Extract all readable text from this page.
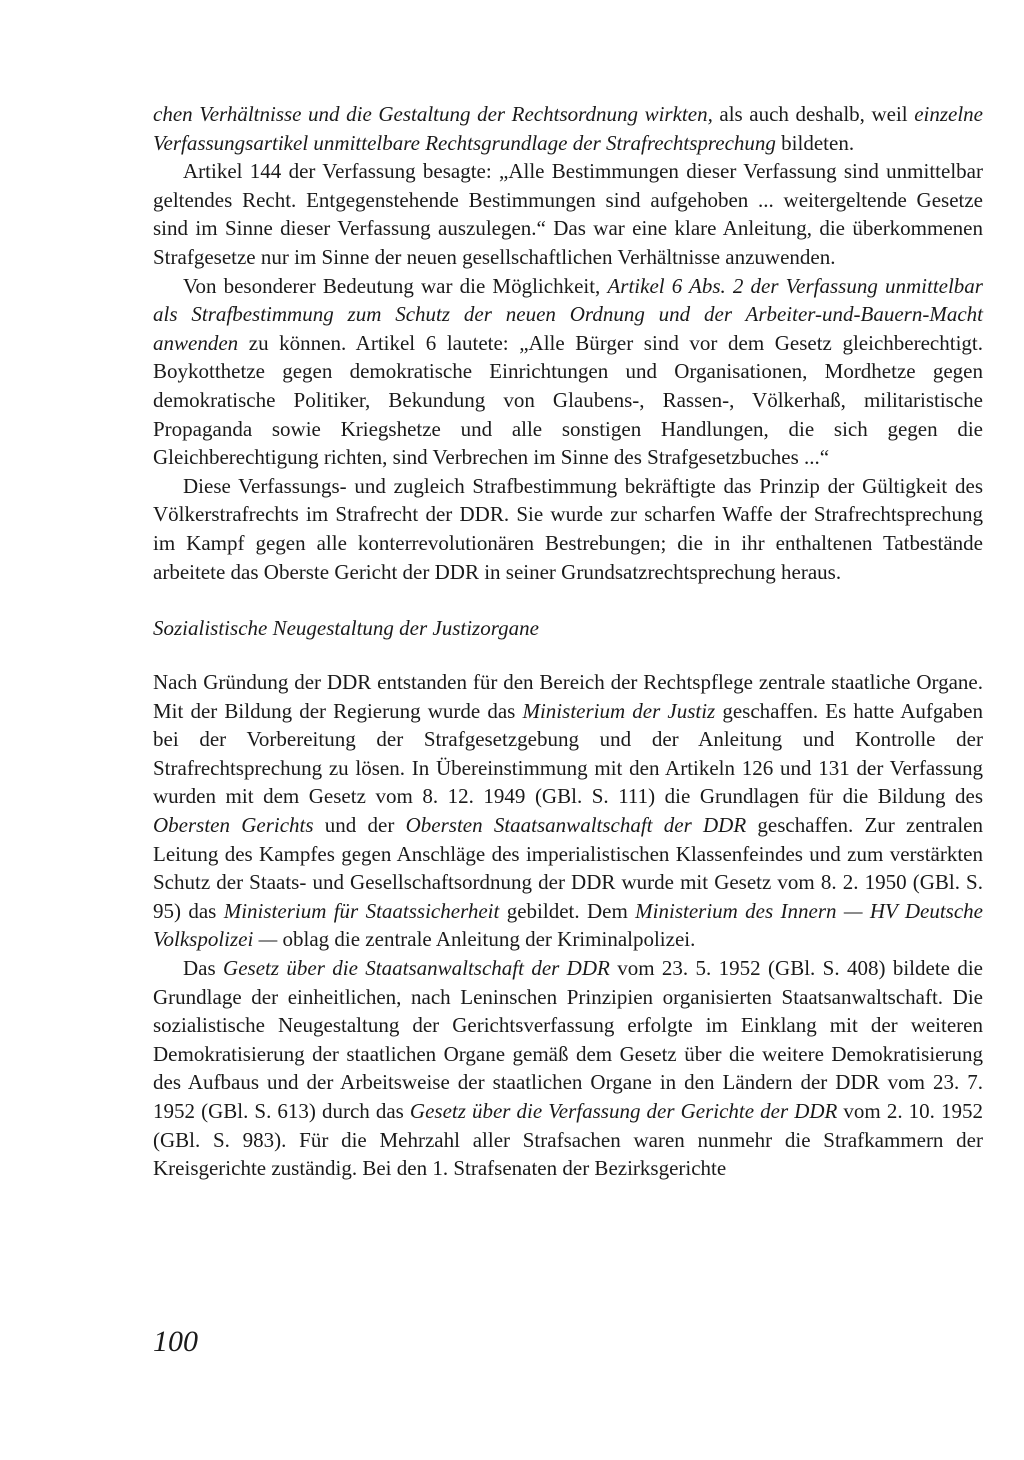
chen Verhältnisse und die Gestaltung der Rechtsordnung wirkten, als auch deshalb, weil einzelne Verfassungsartikel unmittelbare Rechtsgrundlage der Strafrechtsprechung bildeten.

Artikel 144 der Verfassung besagte: „Alle Bestimmungen dieser Verfassung sind unmittelbar geltendes Recht. Entgegenstehende Bestimmungen sind aufgehoben ... weitergeltende Gesetze sind im Sinne dieser Verfassung auszulegen.“ Das war eine klare Anleitung, die überkommenen Strafgesetze nur im Sinne der neuen gesellschaftlichen Verhältnisse anzuwenden.

Von besonderer Bedeutung war die Möglichkeit, Artikel 6 Abs. 2 der Verfassung unmittelbar als Strafbestimmung zum Schutz der neuen Ordnung und der Arbeiter-und-Bauern-Macht anwenden zu können. Artikel 6 lautete: „Alle Bürger sind vor dem Gesetz gleichberechtigt. Boykotthetze gegen demokratische Einrichtungen und Organisationen, Mordhetze gegen demokratische Politiker, Bekundung von Glaubens-, Rassen-, Völkerhaß, militaristische Propaganda sowie Kriegshetze und alle sonstigen Handlungen, die sich gegen die Gleichberechtigung richten, sind Verbrechen im Sinne des Strafgesetzbuches ...“

Diese Verfassungs- und zugleich Strafbestimmung bekräftigte das Prinzip der Gültigkeit des Völkerstrafrechts im Strafrecht der DDR. Sie wurde zur scharfen Waffe der Strafrechtsprechung im Kampf gegen alle konterrevolutionären Bestrebungen; die in ihr enthaltenen Tatbestände arbeitete das Oberste Gericht der DDR in seiner Grundsatzrechtsprechung heraus.

Sozialistische Neugestaltung der Justizorgane

Nach Gründung der DDR entstanden für den Bereich der Rechtspflege zentrale staatliche Organe. Mit der Bildung der Regierung wurde das Ministerium der Justiz geschaffen. Es hatte Aufgaben bei der Vorbereitung der Strafgesetzgebung und der Anleitung und Kontrolle der Strafrechtsprechung zu lösen. In Übereinstimmung mit den Artikeln 126 und 131 der Verfassung wurden mit dem Gesetz vom 8. 12. 1949 (GBl. S. 111) die Grundlagen für die Bildung des Obersten Gerichts und der Obersten Staatsanwaltschaft der DDR geschaffen. Zur zentralen Leitung des Kampfes gegen Anschläge des imperialistischen Klassenfeindes und zum verstärkten Schutz der Staats- und Gesellschaftsordnung der DDR wurde mit Gesetz vom 8. 2. 1950 (GBl. S. 95) das Ministerium für Staatssicherheit gebildet. Dem Ministerium des Innern — HV Deutsche Volkspolizei — oblag die zentrale Anleitung der Kriminalpolizei.

Das Gesetz über die Staatsanwaltschaft der DDR vom 23. 5. 1952 (GBl. S. 408) bildete die Grundlage der einheitlichen, nach Leninschen Prinzipien organisierten Staatsanwaltschaft. Die sozialistische Neugestaltung der Gerichtsverfassung erfolgte im Einklang mit der weiteren Demokratisierung der staatlichen Organe gemäß dem Gesetz über die weitere Demokratisierung des Aufbaus und der Arbeitsweise der staatlichen Organe in den Ländern der DDR vom 23. 7. 1952 (GBl. S. 613) durch das Gesetz über die Verfassung der Gerichte der DDR vom 2. 10. 1952 (GBl. S. 983). Für die Mehrzahl aller Strafsachen waren nunmehr die Strafkammern der Kreisgerichte zuständig. Bei den 1. Strafsenaten der Bezirksgerichte

100
